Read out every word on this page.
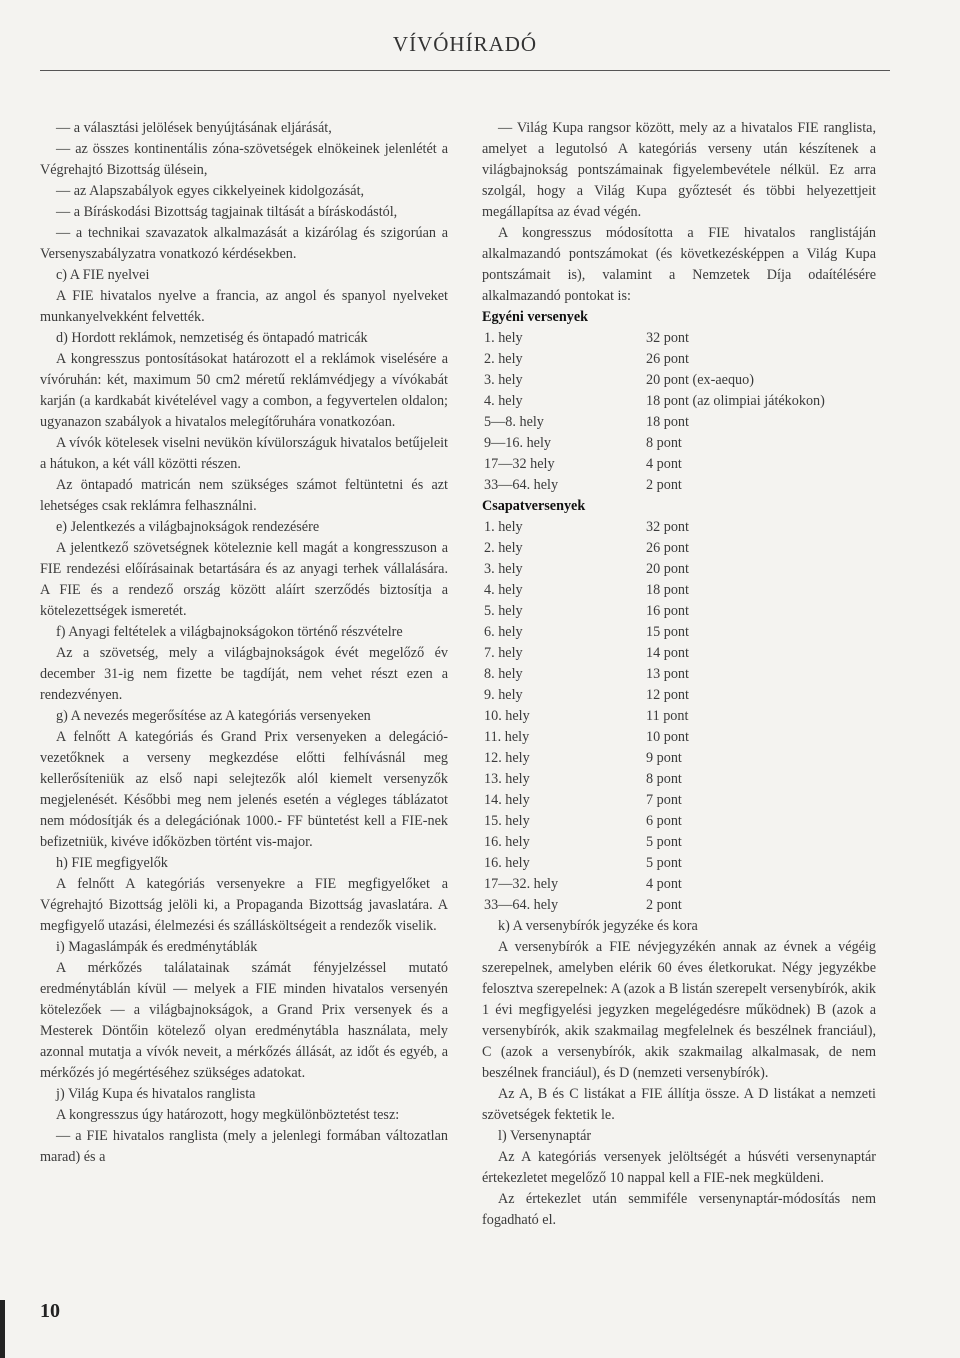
VÍVÓHÍRADÓ

— a választási jelölések benyújtásának eljárását,

— az összes kontinentális zóna-szövetségek elnökeinek jelenlétét a Végrehajtó Bizottság ülésein,

— az Alapszabályok egyes cikkelyeinek kidolgozását,

— a Bíráskodási Bizottság tagjainak tiltását a bíráskodástól,

— a technikai szavazatok alkalmazását a kizárólag és szigorúan a Versenyszabályzatra vonatkozó kérdésekben.

c) A FIE nyelvei

A FIE hivatalos nyelve a francia, az angol és spanyol nyelveket munkanyelvekként felvették.

d) Hordott reklámok, nemzetiség és öntapadó matricák

A kongresszus pontosításokat határozott el a reklámok viselésére a vívóruhán: két, maximum 50 cm2 méretű reklámvédjegy a vívókabát karján (a kardkabát kivételével vagy a combon, a fegyvertelen oldalon; ugyanazon szabályok a hivatalos melegítőruhára vonatkozóan.

A vívók kötelesek viselni nevükön kívülországuk hivatalos betűjeleit a hátukon, a két váll közötti részen.

Az öntapadó matricán nem szükséges számot feltüntetni és azt lehetséges csak reklámra felhasználni.

e) Jelentkezés a világbajnokságok rendezésére

A jelentkező szövetségnek köteleznie kell magát a kongresszuson a FIE rendezési előírásainak betartására és az anyagi terhek vállalására. A FIE és a rendező ország között aláírt szerződés biztosítja a kötelezettségek ismeretét.

f) Anyagi feltételek a világbajnokságokon történő részvételre

Az a szövetség, mely a világbajnokságok évét megelőző év december 31-ig nem fizette be tagdíját, nem vehet részt ezen a rendezvényen.

g) A nevezés megerősítése az A kategóriás versenyeken

A felnőtt A kategóriás és Grand Prix versenyeken a delegáció-vezetőknek a verseny megkezdése előtti felhívásnál meg kellerősíteniük az első napi selejtezők alól kiemelt versenyzők megjelenését. Későbbi meg nem jelenés esetén a végleges táblázatot nem módosítják és a delegációnak 1000.- FF büntetést kell a FIE-nek befizetniük, kivéve időközben történt vis-major.

h) FIE megfigyelők

A felnőtt A kategóriás versenyekre a FIE megfigyelőket a Végrehajtó Bizottság jelöli ki, a Propaganda Bizottság javaslatára. A megfigyelő utazási, élelmezési és szállásköltségeit a rendezők viselik.

i) Magaslámpák és eredménytáblák

A mérkőzés találatainak számát fényjelzéssel mutató eredménytáblán kívül — melyek a FIE minden hivatalos versenyén kötelezőek — a világbajnokságok, a Grand Prix versenyek és a Mesterek Döntőin kötelező olyan eredménytábla használata, mely azonnal mutatja a vívók neveit, a mérkőzés állását, az időt és egyéb, a mérkőzés jó megértéséhez szükséges adatokat.

j) Világ Kupa és hivatalos ranglista

A kongresszus úgy határozott, hogy megkülönböztetést tesz:

— a FIE hivatalos ranglista (mely a jelenlegi formában változatlan marad) és a

— Világ Kupa rangsor között, mely az a hivatalos FIE ranglista, amelyet a legutolsó A kategóriás verseny után készítenek a világbajnokság pontszámainak figyelembevétele nélkül. Ez arra szolgál, hogy a Világ Kupa győztesét és többi helyezettjeit megállapítsa az évad végén.

A kongresszus módosította a FIE hivatalos ranglistáján alkalmazandó pontszámokat (és következésképpen a Világ Kupa pontszámait is), valamint a Nemzetek Díja odaítélésére alkalmazandó pontokat is:

Egyéni versenyek

1. hely	32 pont
2. hely	26 pont
3. hely	20 pont (ex-aequo)
4. hely	18 pont (az olimpiai játékokon)
5—8. hely	18 pont
9—16. hely	8 pont
17—32 hely	4 pont
33—64. hely	2 pont

Csapatversenyek

1. hely	32 pont
2. hely	26 pont
3. hely	20 pont
4. hely	18 pont
5. hely	16 pont
6. hely	15 pont
7. hely	14 pont
8. hely	13 pont
9. hely	12 pont
10. hely	11 pont
11. hely	10 pont
12. hely	9 pont
13. hely	8 pont
14. hely	7 pont
15. hely	6 pont
16. hely	5 pont
16. hely	5 pont
17—32. hely	4 pont
33—64. hely	2 pont

k) A versenybírók jegyzéke és kora

A versenybírók a FIE névjegyzékén annak az évnek a végéig szerepelnek, amelyben elérik 60 éves életkorukat. Négy jegyzékbe felosztva szerepelnek: A (azok a B listán szerepelt versenybírók, akik 1 évi megfigyelési jegyzken megelégedésre működnek) B (azok a versenybírók, akik szakmailag megfelelnek és beszélnek franciául), C (azok a versenybírók, akik szakmailag alkalmasak, de nem beszélnek franciául), és D (nemzeti versenybírók).

Az A, B és C listákat a FIE állítja össze. A D listákat a nemzeti szövetségek fektetik le.

l) Versenynaptár

Az A kategóriás versenyek jelöltségét a húsvéti versenynaptár értekezletet megelőző 10 nappal kell a FIE-nek megküldeni.

Az értekezlet után semmiféle versenynaptár-módosítás nem fogadható el.

10
